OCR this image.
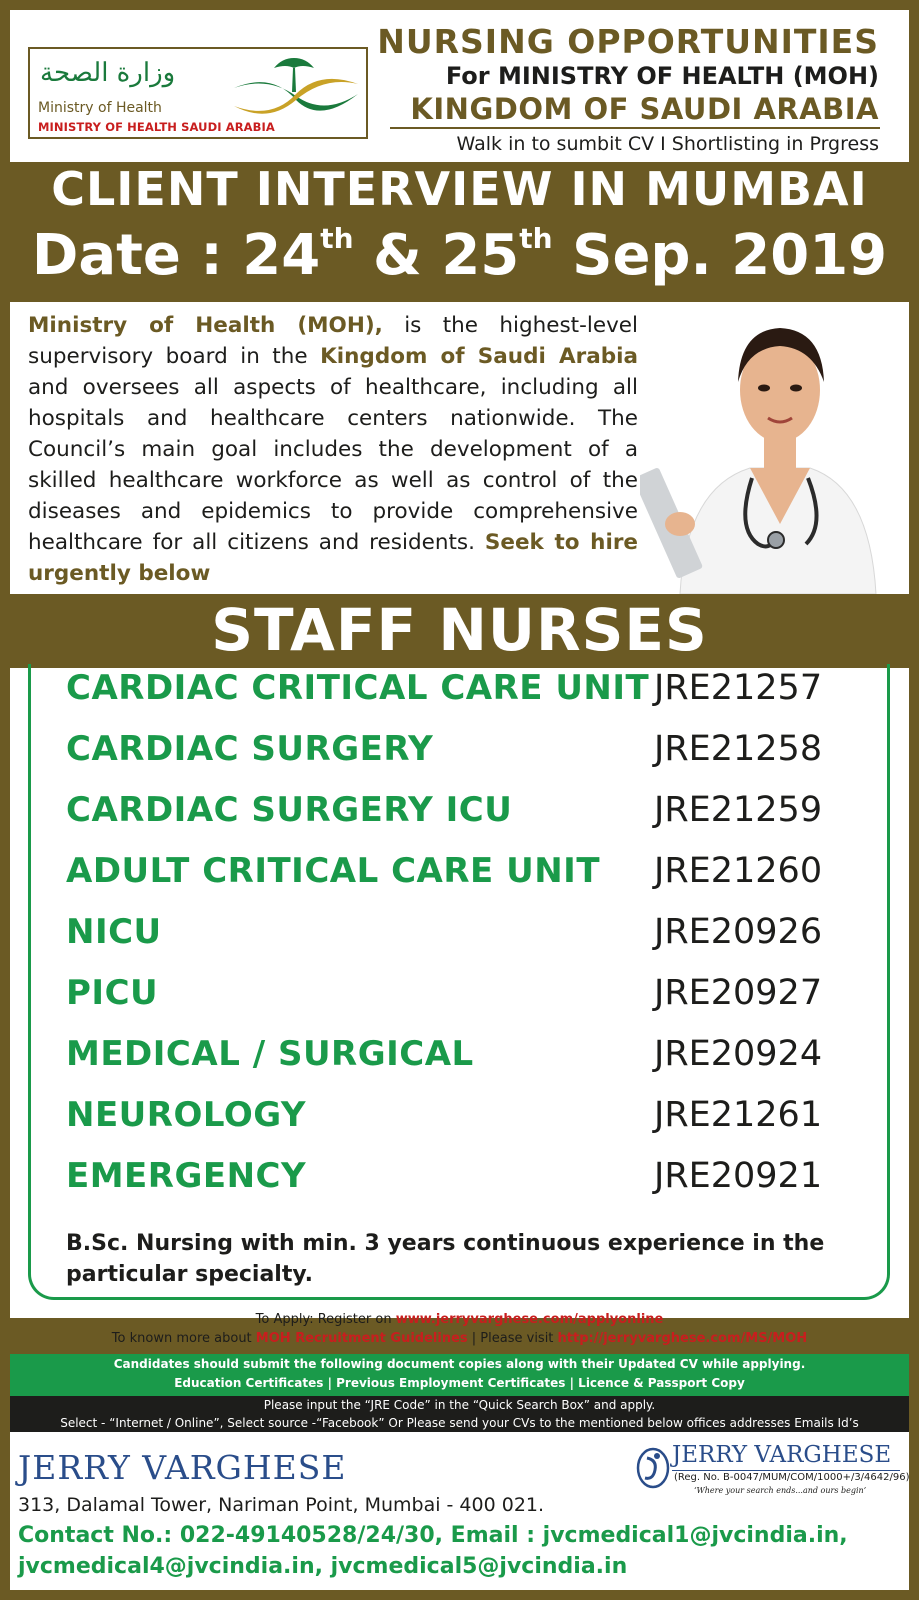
وزارة الصحة
Ministry of Health
MINISTRY OF HEALTH SAUDI ARABIA
NURSING OPPORTUNITIES
For MINISTRY OF HEALTH (MOH)
KINGDOM OF SAUDI ARABIA
Walk in to sumbit CV I Shortlisting in Prgress
CLIENT INTERVIEW IN MUMBAI
Date : 24th & 25th Sep. 2019
Ministry of Health (MOH), is the highest-level supervisory board in the Kingdom of Saudi Arabia and oversees all aspects of healthcare, including all hospitals and healthcare centers nationwide. The Council’s main goal includes the development of a skilled healthcare workforce as well as control of the diseases and epidemics to provide comprehensive healthcare for all citizens and residents. Seek to hire urgently below
STAFF NURSES
CARDIAC CRITICAL CARE UNIT JRE21257
CARDIAC SURGERY	JRE21258
CARDIAC SURGERY ICU	JRE21259
ADULT CRITICAL CARE UNIT JRE21260
NICU	JRE20926
PICU	JRE20927
MEDICAL / SURGICAL	JRE20924
NEUROLOGY	JRE21261
EMERGENCY	JRE20921
B.Sc. Nursing with min. 3 years continuous experience in the particular specialty.
To Apply: Register on www.jerryvarghese.com/applyonline
To known more about MOH Recruitment Guidelines | Please visit http://jerryvarghese.com/MS/MOH
Candidates should submit the following document copies along with their Updated CV while applying.
Education Certificates | Previous Employment Certificates | Licence & Passport Copy
Please input the “JRE Code” in the “Quick Search Box” and apply.
Select - “Internet / Online”, Select source -“Facebook” Or Please send your CVs to the mentioned below offices addresses Emails Id’s
JERRY VARGHESE
313, Dalamal Tower, Nariman Point, Mumbai - 400 021.
Contact No.: 022-49140528/24/30, Email : jvcmedical1@jvcindia.in,
jvcmedical4@jvcindia.in, jvcmedical5@jvcindia.in
JERRY VARGHESE
(Reg. No. B-0047/MUM/COM/1000+/3/4642/96)
‘Where your search ends...and ours begin’
